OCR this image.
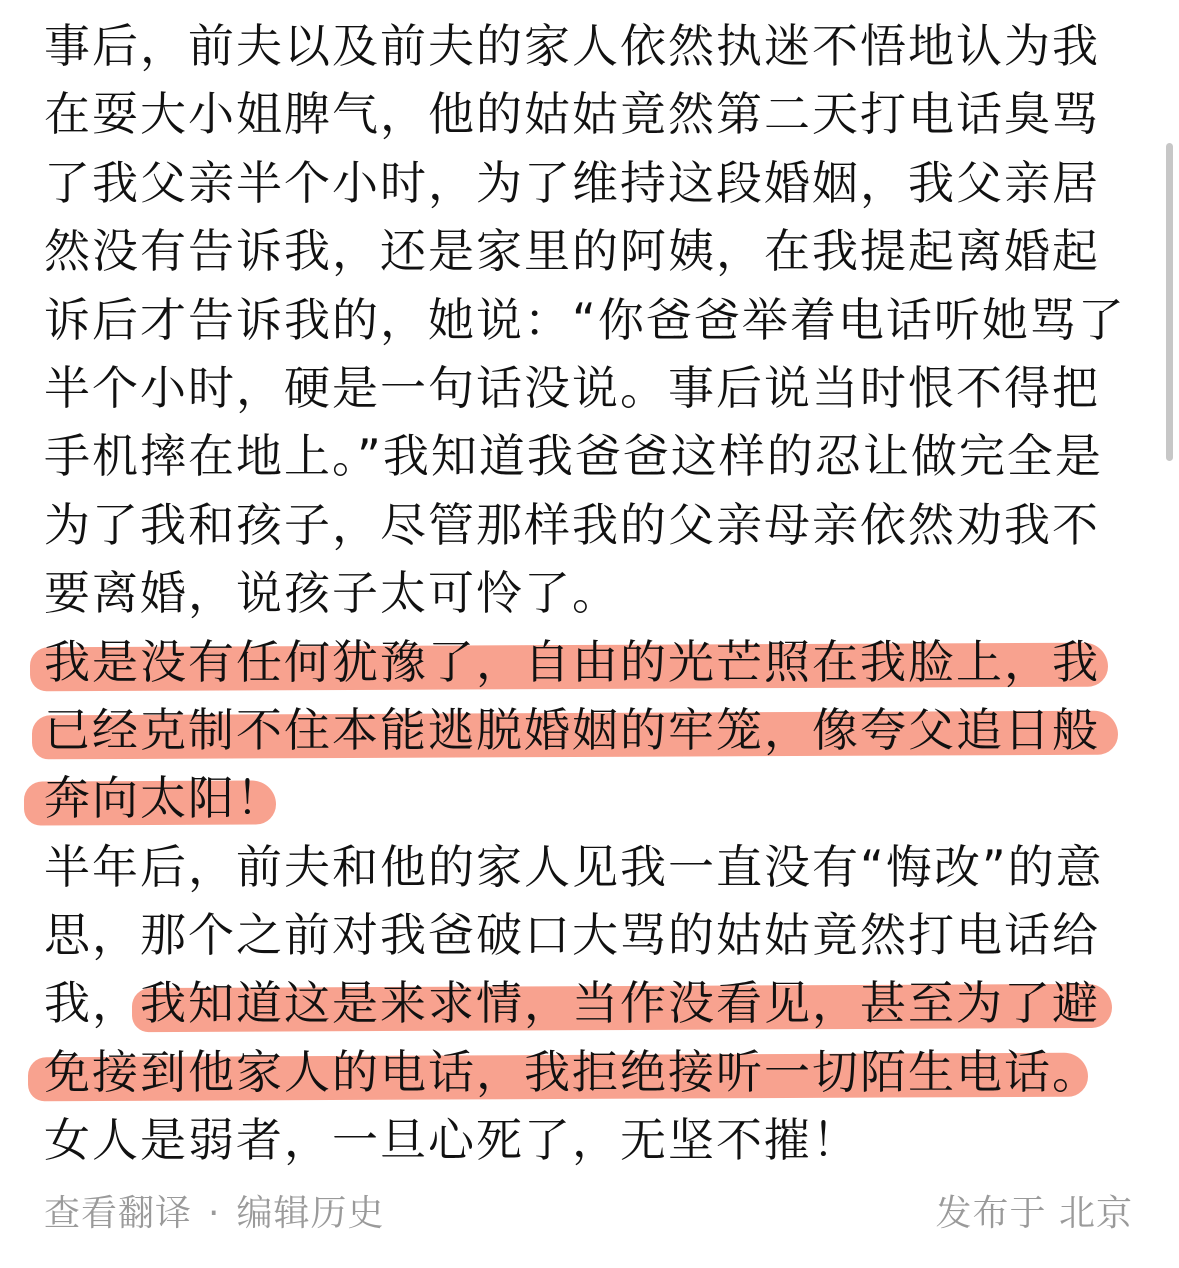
事后，前夫以及前夫的家人依然执迷不悟地认为我
在耍大小姐脾气，他的姑姑竟然第二天打电话臭骂
了我父亲半个小时，为了维持这段婚姻，我父亲居
然没有告诉我，还是家里的阿姨，在我提起离婚起
诉后才告诉我的，她说：“你爸爸举着电话听她骂了
半个小时，硬是一句话没说。事后说当时恨不得把
手机摔在地上。”我知道我爸爸这样的忍让做完全是
为了我和孩子，尽管那样我的父亲母亲依然劝我不
要离婚，说孩子太可怜了。
我是没有任何犹豫了，自由的光芒照在我脸上，我
已经克制不住本能逃脱婚姻的牢笼，像夸父追日般
奔向太阳！
半年后，前夫和他的家人见我一直没有“悔改”的意
思，那个之前对我爸破口大骂的姑姑竟然打电话给
我，我知道这是来求情，当作没看见，甚至为了避
免接到他家人的电话，我拒绝接听一切陌生电话。
女人是弱者，一旦心死了，无坚不摧！
查看翻译 · 编辑历史	发布于 北京
